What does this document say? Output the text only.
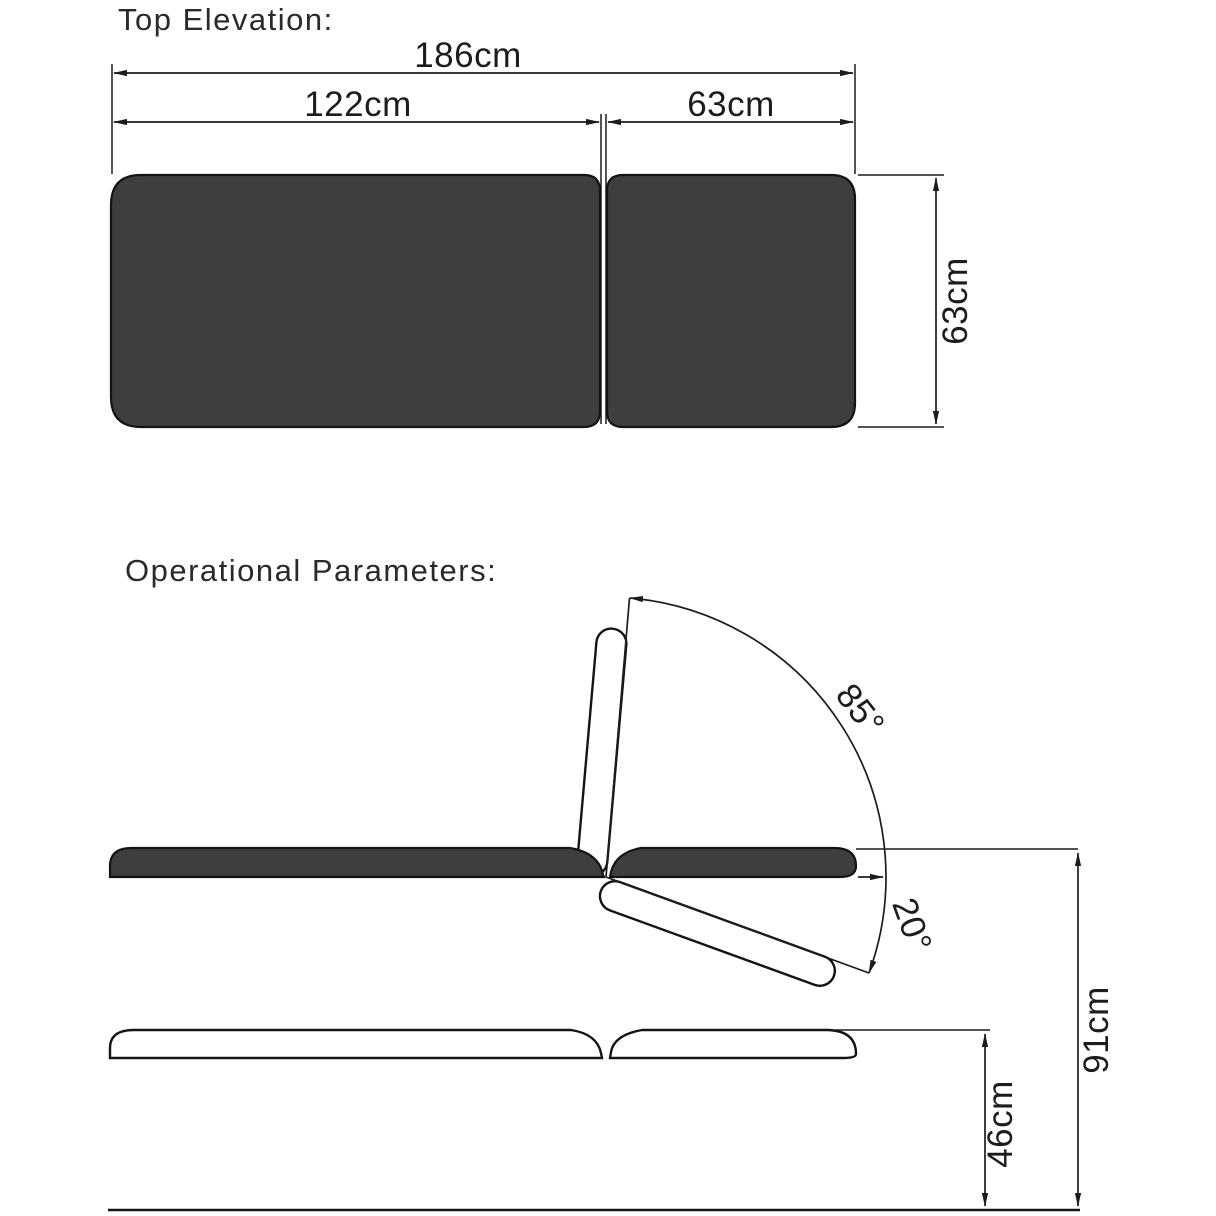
Top Elevation:
186cm
122cm	63cm
63cm
Operational Parameters:
85°
20°
91cm
46cm
